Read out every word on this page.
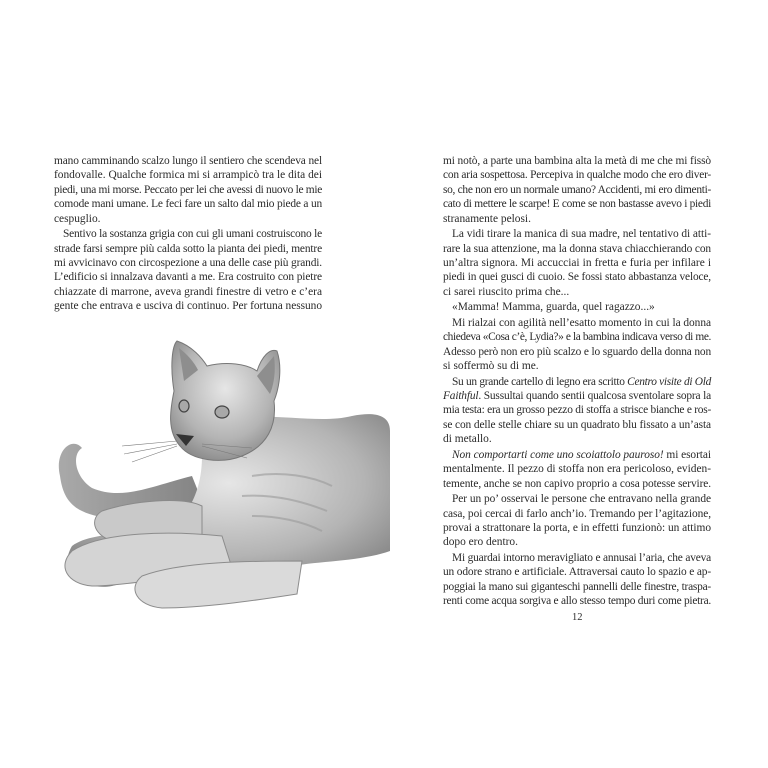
mano camminando scalzo lungo il sentiero che scendeva nel
fondovalle. Qualche formica mi si arrampicò tra le dita dei
piedi, una mi morse. Peccato per lei che avessi di nuovo le mie
comode mani umane. Le feci fare un salto dal mio piede a un
cespuglio.
Sentivo la sostanza grigia con cui gli umani costruiscono le
strade farsi sempre più calda sotto la pianta dei piedi, mentre
mi avvicinavo con circospezione a una delle case più grandi.
L’edificio si innalzava davanti a me. Era costruito con pietre
chiazzate di marrone, aveva grandi finestre di vetro e c’era
gente che entrava e usciva di continuo. Per fortuna nessuno
mi notò, a parte una bambina alta la metà di me che mi fissò
con aria sospettosa. Percepiva in qualche modo che ero diver-
so, che non ero un normale umano? Accidenti, mi ero dimenti-
cato di mettere le scarpe! E come se non bastasse avevo i piedi
stranamente pelosi.
La vidi tirare la manica di sua madre, nel tentativo di atti-
rare la sua attenzione, ma la donna stava chiacchierando con
un’altra signora. Mi accucciai in fretta e furia per infilare i
piedi in quei gusci di cuoio. Se fossi stato abbastanza veloce,
ci sarei riuscito prima che...
«Mamma! Mamma, guarda, quel ragazzo...»
Mi rialzai con agilità nell’esatto momento in cui la donna
chiedeva «Cosa c’è, Lydia?» e la bambina indicava verso di me.
Adesso però non ero più scalzo e lo sguardo della donna non
si soffermò su di me.
Su un grande cartello di legno era scritto Centro visite di Old
Faithful. Sussultai quando sentii qualcosa sventolare sopra la
mia testa: era un grosso pezzo di stoffa a strisce bianche e ros-
se con delle stelle chiare su un quadrato blu fissato a un’asta
di metallo.
Non comportarti come uno scoiattolo pauroso! mi esortai
mentalmente. Il pezzo di stoffa non era pericoloso, eviden-
temente, anche se non capivo proprio a cosa potesse servire.
Per un po’ osservai le persone che entravano nella grande
casa, poi cercai di farlo anch’io. Tremando per l’agitazione,
provai a strattonare la porta, e in effetti funzionò: un attimo
dopo ero dentro.
Mi guardai intorno meravigliato e annusai l’aria, che aveva
un odore strano e artificiale. Attraversai cauto lo spazio e ap-
poggiai la mano sui giganteschi pannelli delle finestre, traspa-
renti come acqua sorgiva e allo stesso tempo duri come pietra.
12
